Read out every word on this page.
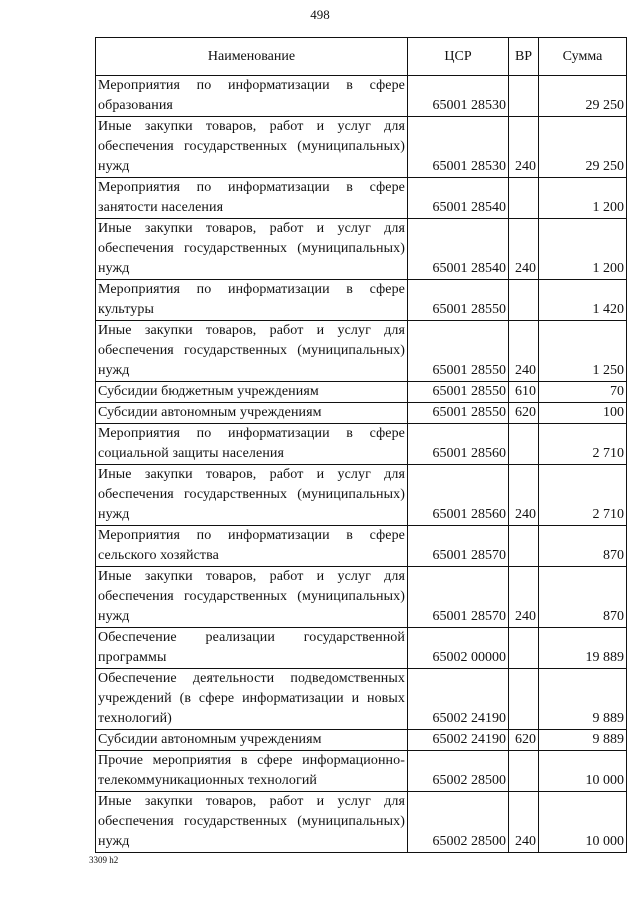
498
Наименование	ЦСР	ВР	Сумма
Мероприятия по информатизации в сфере образования	65001 28530		29 250
Иные закупки товаров, работ и услуг для обеспечения государственных (муниципальных) нужд	65001 28530	240	29 250
Мероприятия по информатизации в сфере занятости населения	65001 28540		1 200
Иные закупки товаров, работ и услуг для обеспечения государственных (муниципальных) нужд	65001 28540	240	1 200
Мероприятия по информатизации в сфере культуры	65001 28550		1 420
Иные закупки товаров, работ и услуг для обеспечения государственных (муниципальных) нужд	65001 28550	240	1 250
Субсидии бюджетным учреждениям	65001 28550	610	70
Субсидии автономным учреждениям	65001 28550	620	100
Мероприятия по информатизации в сфере социальной защиты населения	65001 28560		2 710
Иные закупки товаров, работ и услуг для обеспечения государственных (муниципальных) нужд	65001 28560	240	2 710
Мероприятия по информатизации в сфере сельского хозяйства	65001 28570		870
Иные закупки товаров, работ и услуг для обеспечения государственных (муниципальных) нужд	65001 28570	240	870
Обеспечение реализации государственной программы	65002 00000		19 889
Обеспечение деятельности подведомственных учреждений (в сфере информатизации и новых технологий)	65002 24190		9 889
Субсидии автономным учреждениям	65002 24190	620	9 889
Прочие мероприятия в сфере информационно-телекоммуникационных технологий	65002 28500		10 000
Иные закупки товаров, работ и услуг для обеспечения государственных (муниципальных) нужд	65002 28500	240	10 000
3309 h2
